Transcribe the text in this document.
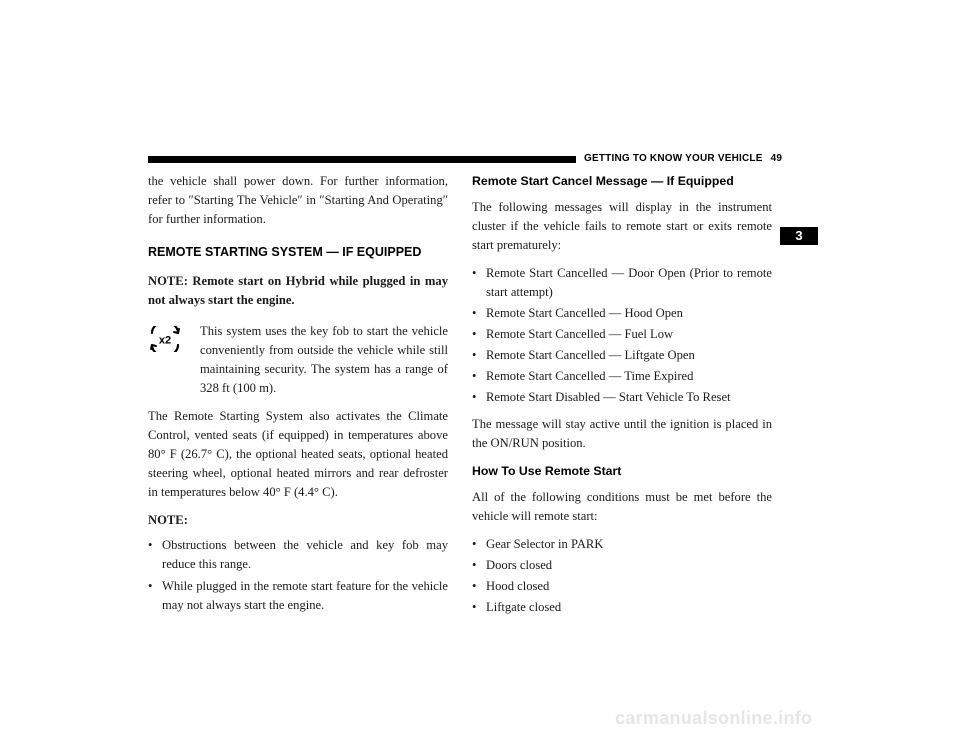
GETTING TO KNOW YOUR VEHICLE 49
3

the vehicle shall power down. For further information, refer to ″Starting The Vehicle″ in ″Starting And Operating″ for further information.

REMOTE STARTING SYSTEM — IF EQUIPPED

NOTE: Remote start on Hybrid while plugged in may not always start the engine.

x2
This system uses the key fob to start the vehicle conveniently from outside the vehicle while still maintaining security. The system has a range of 328 ft (100 m).

The Remote Starting System also activates the Climate Control, vented seats (if equipped) in temperatures above 80° F (26.7° C), the optional heated seats, optional heated steering wheel, optional heated mirrors and rear defroster in temperatures below 40° F (4.4° C).

NOTE:

• Obstructions between the vehicle and key fob may reduce this range.
• While plugged in the remote start feature for the vehicle may not always start the engine.
Remote Start Cancel Message — If Equipped

The following messages will display in the instrument cluster if the vehicle fails to remote start or exits remote start prematurely:

• Remote Start Cancelled — Door Open (Prior to remote start attempt)
• Remote Start Cancelled — Hood Open
• Remote Start Cancelled — Fuel Low
• Remote Start Cancelled — Liftgate Open
• Remote Start Cancelled — Time Expired
• Remote Start Disabled — Start Vehicle To Reset

The message will stay active until the ignition is placed in the ON/RUN position.

How To Use Remote Start

All of the following conditions must be met before the vehicle will remote start:

• Gear Selector in PARK
• Doors closed
• Hood closed
• Liftgate closed
carmanualsonline.info
